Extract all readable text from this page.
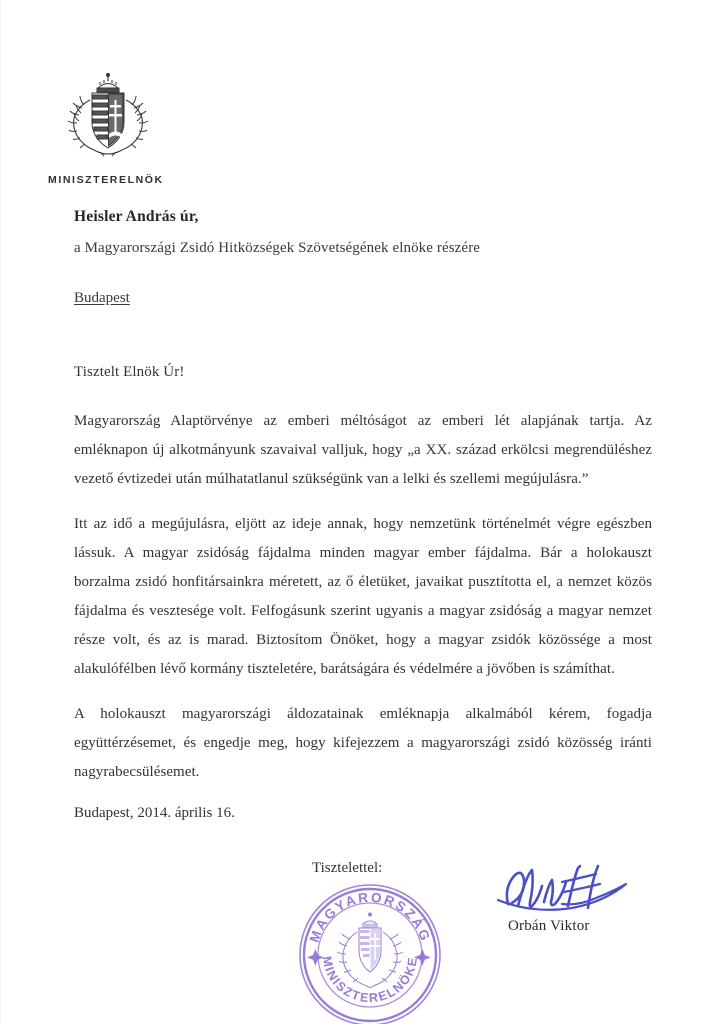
MINISZTERELNÖK
Heisler András úr,
a Magyarországi Zsidó Hitközségek Szövetségének elnöke részére
Budapest
Tisztelt Elnök Úr!

Magyarország Alaptörvénye az emberi méltóságot az emberi lét alapjának tartja. Az emléknapon új alkotmányunk szavaival valljuk, hogy „a XX. század erkölcsi megrendüléshez vezető évtizedei után múlhatatlanul szükségünk van a lelki és szellemi megújulásra.”

Itt az idő a megújulásra, eljött az ideje annak, hogy nemzetünk történelmét végre egészben lássuk. A magyar zsidóság fájdalma minden magyar ember fájdalma. Bár a holokauszt borzalma zsidó honfitársainkra méretett, az ő életüket, javaikat pusztította el, a nemzet közös fájdalma és vesztesége volt. Felfogásunk szerint ugyanis a magyar zsidóság a magyar nemzet része volt, és az is marad. Biztosítom Önöket, hogy a magyar zsidók közössége a most alakulófélben lévő kormány tiszteletére, barátságára és védelmére a jövőben is számíthat.

A holokauszt magyarországi áldozatainak emléknapja alkalmából kérem, fogadja együttérzésemet, és engedje meg, hogy kifejezzem a magyarországi zsidó közösség iránti nagyrabecsülésemet.

Budapest, 2014. április 16.
Tisztelettel:
MAGYARORSZÁG
MINISZTERELNÖKE
Orbán Viktor
